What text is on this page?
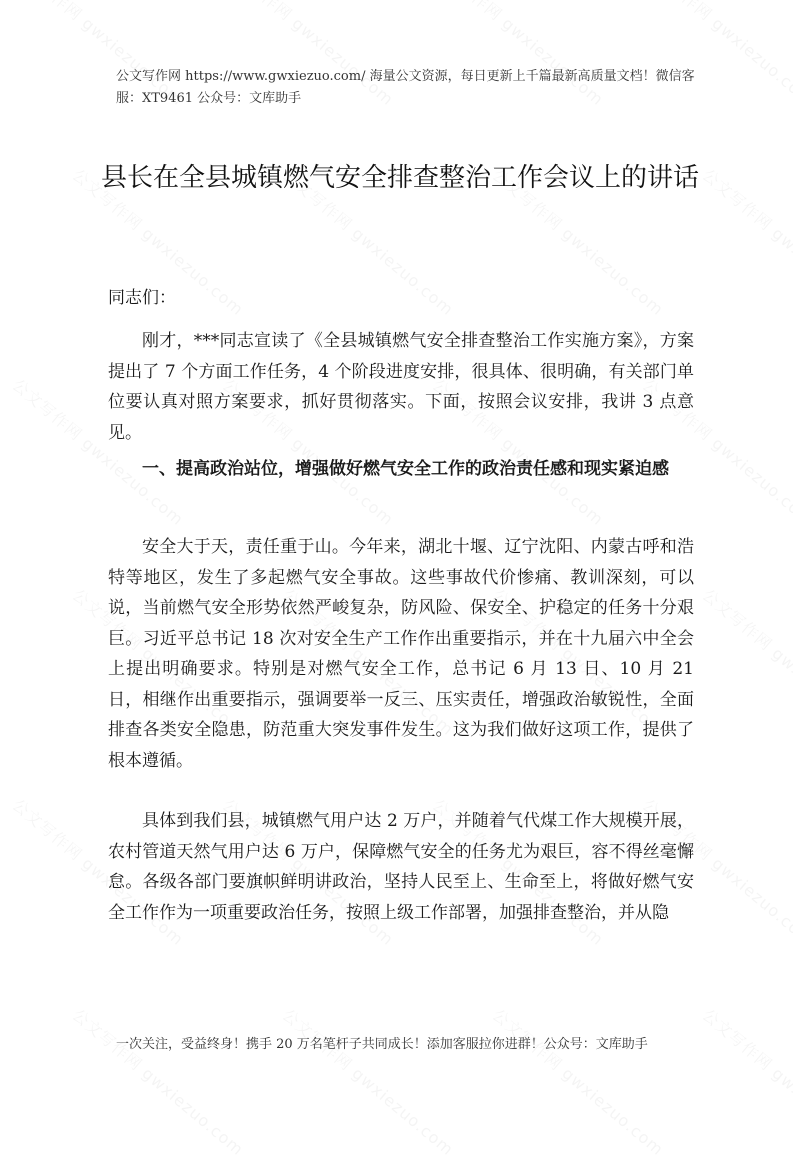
公文写作网 https://www.gwxiezuo.com/ 海量公文资源，每日更新上千篇最新高质量文档！微信客服：XT9461 公众号：文库助手
县长在全县城镇燃气安全排查整治工作会议上的讲话
同志们：

刚才，***同志宣读了《全县城镇燃气安全排查整治工作实施方案》，方案提出了 7 个方面工作任务，4 个阶段进度安排，很具体、很明确，有关部门单位要认真对照方案要求，抓好贯彻落实。下面，按照会议安排，我讲 3 点意见。

一、提高政治站位，增强做好燃气安全工作的政治责任感和现实紧迫感

安全大于天，责任重于山。今年来，湖北十堰、辽宁沈阳、内蒙古呼和浩特等地区，发生了多起燃气安全事故。这些事故代价惨痛、教训深刻，可以说，当前燃气安全形势依然严峻复杂，防风险、保安全、护稳定的任务十分艰巨。习近平总书记 18 次对安全生产工作作出重要指示，并在十九届六中全会上提出明确要求。特别是对燃气安全工作，总书记 6 月 13 日、10 月 21 日，相继作出重要指示，强调要举一反三、压实责任，增强政治敏锐性，全面排查各类安全隐患，防范重大突发事件发生。这为我们做好这项工作，提供了根本遵循。

具体到我们县，城镇燃气用户达 2 万户，并随着气代煤工作大规模开展，农村管道天然气用户达 6 万户，保障燃气安全的任务尤为艰巨，容不得丝毫懈怠。各级各部门要旗帜鲜明讲政治，坚持人民至上、生命至上，将做好燃气安全工作作为一项重要政治任务，按照上级工作部署，加强排查整治，并从隐

一次关注，受益终身！携手 20 万名笔杆子共同成长！添加客服拉你进群！公众号：文库助手
